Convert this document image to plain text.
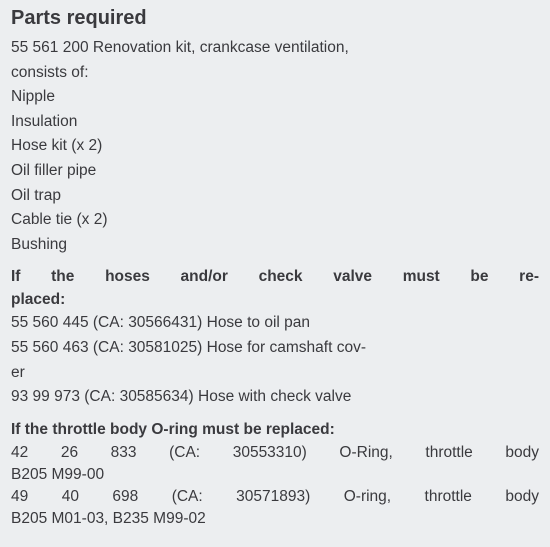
Parts required
55 561 200 Renovation kit, crankcase ventilation,
consists of:
Nipple
Insulation
Hose kit (x 2)
Oil filler pipe
Oil trap
Cable tie (x 2)
Bushing
If the hoses and/or check valve must be re-
placed:
55 560 445 (CA: 30566431) Hose to oil pan
55 560 463 (CA: 30581025) Hose for camshaft cov-
er
93 99 973 (CA: 30585634) Hose with check valve
If the throttle body O-ring must be replaced:
42 26 833 (CA: 30553310) O-Ring, throttle body
B205 M99-00
49 40 698 (CA: 30571893) O-ring, throttle body
B205 M01-03, B235 M99-02
